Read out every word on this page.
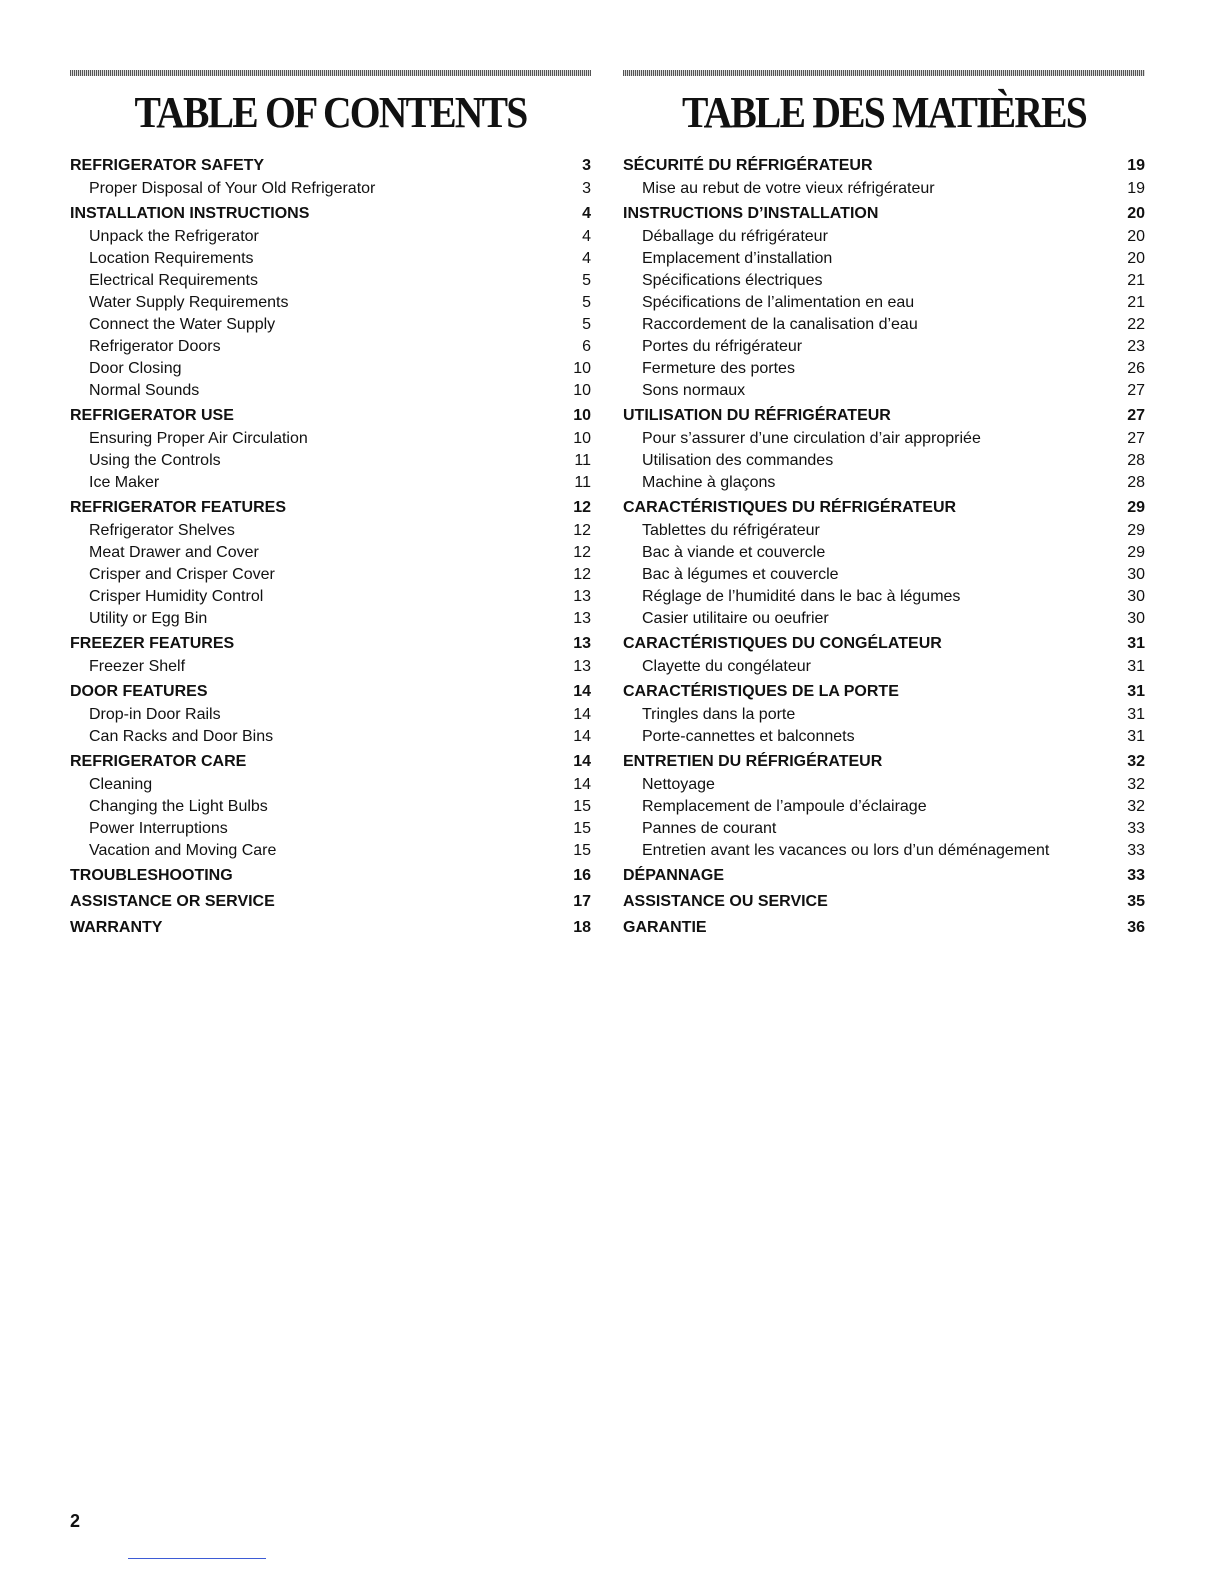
TABLE OF CONTENTS
REFRIGERATOR SAFETY	3
Proper Disposal of Your Old Refrigerator	3
INSTALLATION INSTRUCTIONS	4
Unpack the Refrigerator	4
Location Requirements	4
Electrical Requirements	5
Water Supply Requirements	5
Connect the Water Supply	5
Refrigerator Doors	6
Door Closing	10
Normal Sounds	10
REFRIGERATOR USE	10
Ensuring Proper Air Circulation	10
Using the Controls	11
Ice Maker	11
REFRIGERATOR FEATURES	12
Refrigerator Shelves	12
Meat Drawer and Cover	12
Crisper and Crisper Cover	12
Crisper Humidity Control	13
Utility or Egg Bin	13
FREEZER FEATURES	13
Freezer Shelf	13
DOOR FEATURES	14
Drop-in Door Rails	14
Can Racks and Door Bins	14
REFRIGERATOR CARE	14
Cleaning	14
Changing the Light Bulbs	15
Power Interruptions	15
Vacation and Moving Care	15
TROUBLESHOOTING	16
ASSISTANCE OR SERVICE	17
WARRANTY	18
TABLE DES MATIÈRES
SÉCURITÉ DU RÉFRIGÉRATEUR	19
Mise au rebut de votre vieux réfrigérateur	19
INSTRUCTIONS D’INSTALLATION	20
Déballage du réfrigérateur	20
Emplacement d’installation	20
Spécifications électriques	21
Spécifications de l’alimentation en eau	21
Raccordement de la canalisation d’eau	22
Portes du réfrigérateur	23
Fermeture des portes	26
Sons normaux	27
UTILISATION DU RÉFRIGÉRATEUR	27
Pour s’assurer d’une circulation d’air appropriée	27
Utilisation des commandes	28
Machine à glaçons	28
CARACTÉRISTIQUES DU RÉFRIGÉRATEUR	29
Tablettes du réfrigérateur	29
Bac à viande et couvercle	29
Bac à légumes et couvercle	30
Réglage de l’humidité dans le bac à légumes	30
Casier utilitaire ou oeufrier	30
CARACTÉRISTIQUES DU CONGÉLATEUR	31
Clayette du congélateur	31
CARACTÉRISTIQUES DE LA PORTE	31
Tringles dans la porte	31
Porte-cannettes et balconnets	31
ENTRETIEN DU RÉFRIGÉRATEUR	32
Nettoyage	32
Remplacement de l’ampoule d’éclairage	32
Pannes de courant	33
Entretien avant les vacances ou lors d’un déménagement	33
DÉPANNAGE	33
ASSISTANCE OU SERVICE	35
GARANTIE	36
2
